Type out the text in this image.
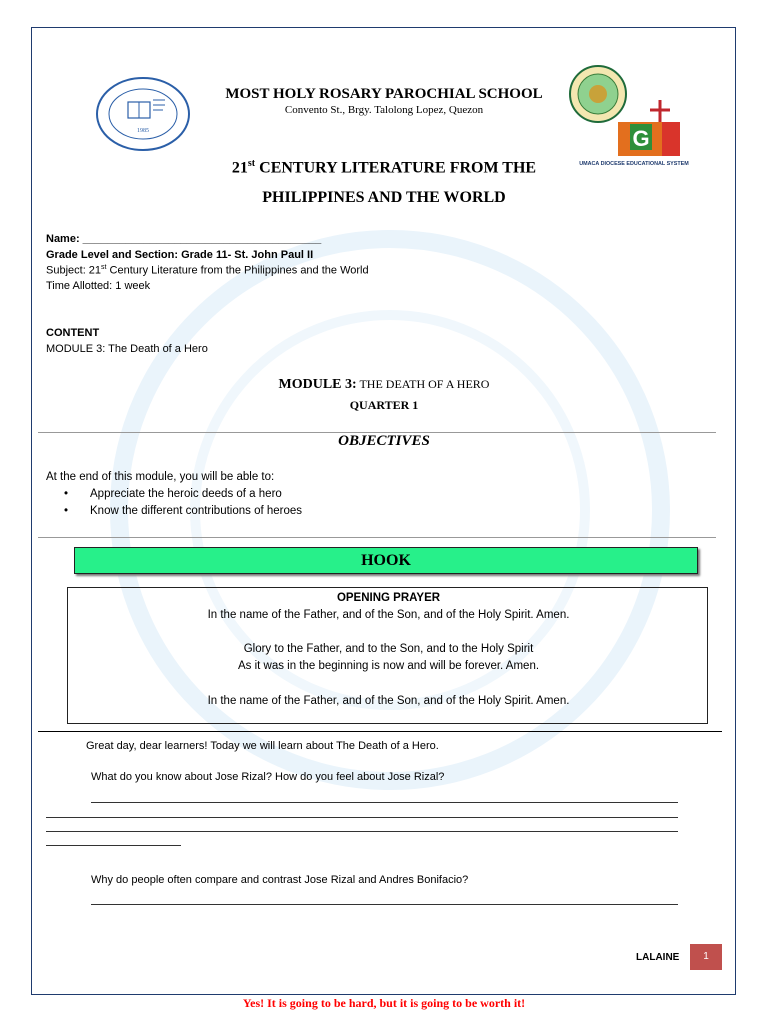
1985	G
UMACA DIOCESE EDUCATIONAL SYSTEM
MOST HOLY ROSARY PAROCHIAL SCHOOL
Convento St., Brgy. Talolong Lopez, Quezon
21st CENTURY LITERATURE FROM THE
PHILIPPINES AND THE WORLD
Name: _______________________________________
Grade Level and Section: Grade 11- St. John Paul II
Subject: 21st Century Literature from the Philippines and the World
Time Allotted: 1 week
CONTENT
MODULE 3: The Death of a Hero
MODULE 3: THE DEATH OF A HERO
QUARTER 1
OBJECTIVES
At the end of this module, you will be able to:
• Appreciate the heroic deeds of a hero
• Know the different contributions of heroes
HOOK
OPENING PRAYER
In the name of the Father, and of the Son, and of the Holy Spirit. Amen.
Glory to the Father, and to the Son, and to the Holy Spirit
As it was in the beginning is now and will be forever. Amen.
In the name of the Father, and of the Son, and of the Holy Spirit. Amen.
Great day, dear learners! Today we will learn about The Death of a Hero.
What do you know about Jose Rizal? How do you feel about Jose Rizal?
Why do people often compare and contrast Jose Rizal and Andres Bonifacio?
LALAINE	1
Yes! It is going to be hard, but it is going to be worth it!
